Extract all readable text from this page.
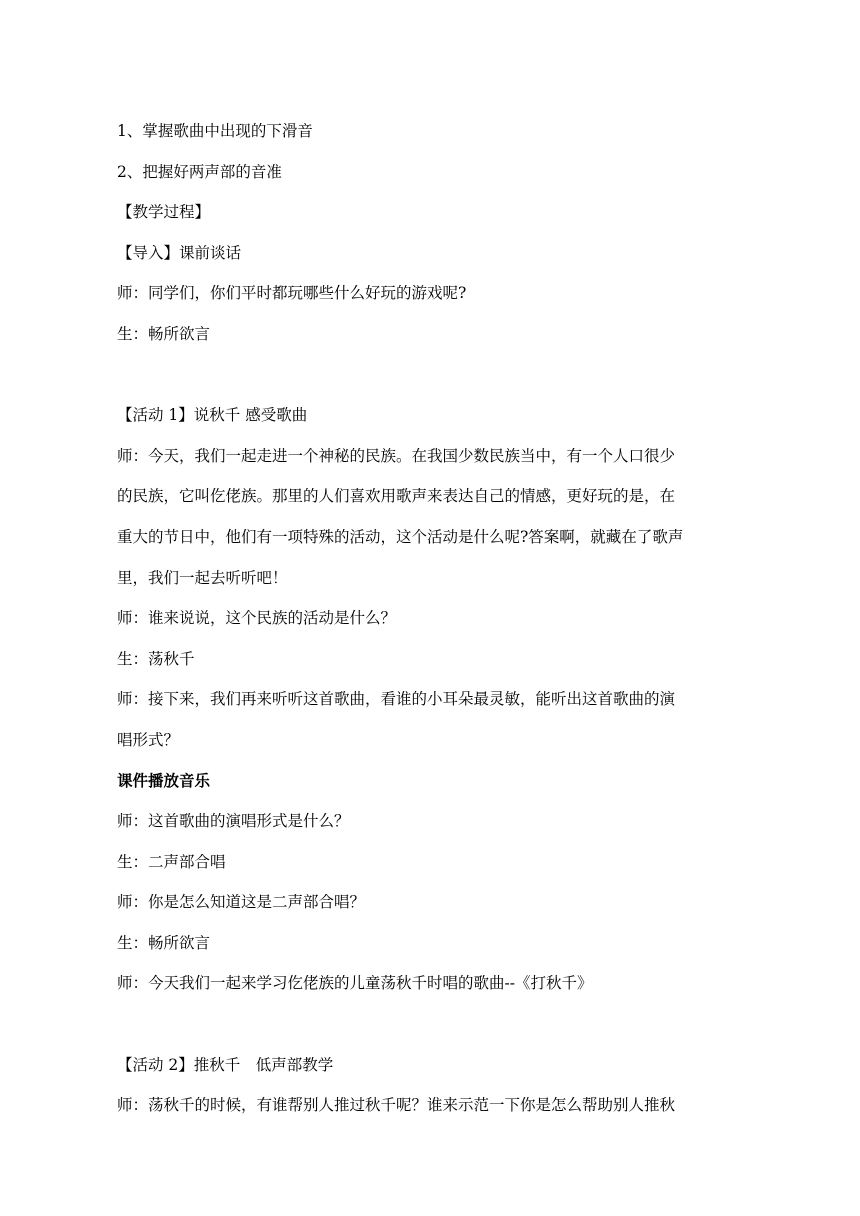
1、掌握歌曲中出现的下滑音
2、把握好两声部的音准
【教学过程】
【导入】课前谈话
师：同学们，你们平时都玩哪些什么好玩的游戏呢?
生：畅所欲言
【活动 1】说秋千 感受歌曲
师：今天，我们一起走进一个神秘的民族。在我国少数民族当中，有一个人口很少
的民族，它叫仡佬族。那里的人们喜欢用歌声来表达自己的情感，更好玩的是，在
重大的节日中，他们有一项特殊的活动，这个活动是什么呢?答案啊，就藏在了歌声
里，我们一起去听听吧！
师：谁来说说，这个民族的活动是什么？
生：荡秋千
师：接下来，我们再来听听这首歌曲，看谁的小耳朵最灵敏，能听出这首歌曲的演
唱形式？
课件播放音乐
师：这首歌曲的演唱形式是什么？
生：二声部合唱
师：你是怎么知道这是二声部合唱？
生：畅所欲言
师：今天我们一起来学习仡佬族的儿童荡秋千时唱的歌曲--《打秋千》
【活动 2】推秋千　低声部教学
师：荡秋千的时候，有谁帮别人推过秋千呢？谁来示范一下你是怎么帮助别人推秋
